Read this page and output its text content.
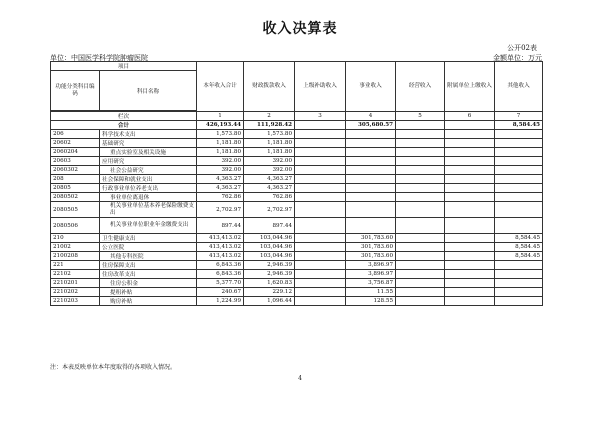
收入决算表
公开02表
单位：中国医学科学院肿瘤医院	金额单位：万元
项目		本年收入合计	财政拨款收入	上级补助收入	事业收入	经营收入	附属单位上缴收入	其他收入
功能分类科目编码	科目名称							

栏次		1	2	3	4	5	6	7
合计		426,193.44	111,928.42		305,680.57			8,584.45
206	科学技术支出	1,573.80	1,573.80					
20602	基础研究	1,181.80	1,181.80					
2060204	重点实验室及相关设施	1,181.80	1,181.80					
20603	应用研究	392.00	392.00					
2060302	社会公益研究	392.00	392.00					
208	社会保障和就业支出	4,363.27	4,363.27					
20805	行政事业单位养老支出	4,363.27	4,363.27					
2080502	事业单位离退休	762.86	762.86					
2080505	机关事业单位基本养老保险缴费支出	2,702.97	2,702.97					
2080506	机关事业单位职业年金缴费支出	897.44	897.44					
210	卫生健康支出	413,413.02	103,044.96		301,783.60			8,584.45
21002	公立医院	413,413.02	103,044.96		301,783.60			8,584.45
2100208	其他专科医院	413,413.02	103,044.96		301,783.60			8,584.45
221	住房保障支出	6,843.36	2,946.39		3,896.97			
22102	住房改革支出	6,843.36	2,946.39		3,896.97			
2210201	住房公积金	5,377.70	1,620.83		3,756.87			
2210202	提租补贴	240.67	229.12		11.55			
2210203	购房补贴	1,224.99	1,096.44		128.55			
注：本表反映单位本年度取得的各项收入情况。
4
